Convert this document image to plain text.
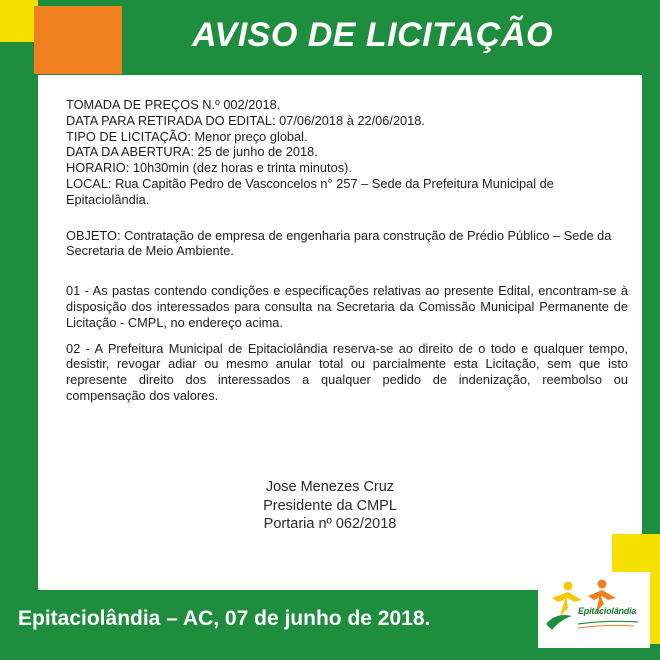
AVISO DE LICITAÇÃO

TOMADA DE PREÇOS N.º 002/2018.

DATA PARA RETIRADA DO EDITAL: 07/06/2018 à 22/06/2018.

TIPO DE LICITAÇÃO: Menor preço global.

DATA DA ABERTURA: 25 de junho de 2018.

HORARIO: 10h30min (dez horas e trinta minutos).

LOCAL: Rua Capitão Pedro de Vasconcelos n° 257 – Sede da Prefeitura Municipal de

Epitaciolândia.

OBJETO: Contratação de empresa de engenharia para construção de Prédio Público – Sede da Secretaria de Meio Ambiente.

01 - As pastas contendo condições e especificações relativas ao presente Edital, encontram-se à disposição dos interessados para consulta na Secretaria da Comissão Municipal Permanente de Licitação - CMPL, no endereço acima.

02 - A Prefeitura Municipal de Epitaciolândia reserva-se ao direito de o todo e qualquer tempo, desistir, revogar adiar ou mesmo anular total ou parcialmente esta Licitação, sem que isto represente direito dos interessados a qualquer pedido de indenização, reembolso ou compensação dos valores.

Jose Menezes Cruz

Presidente da CMPL

Portaria nº 062/2018

Epitaciolândia – AC, 07 de junho de 2018.	Epitaciolândia
